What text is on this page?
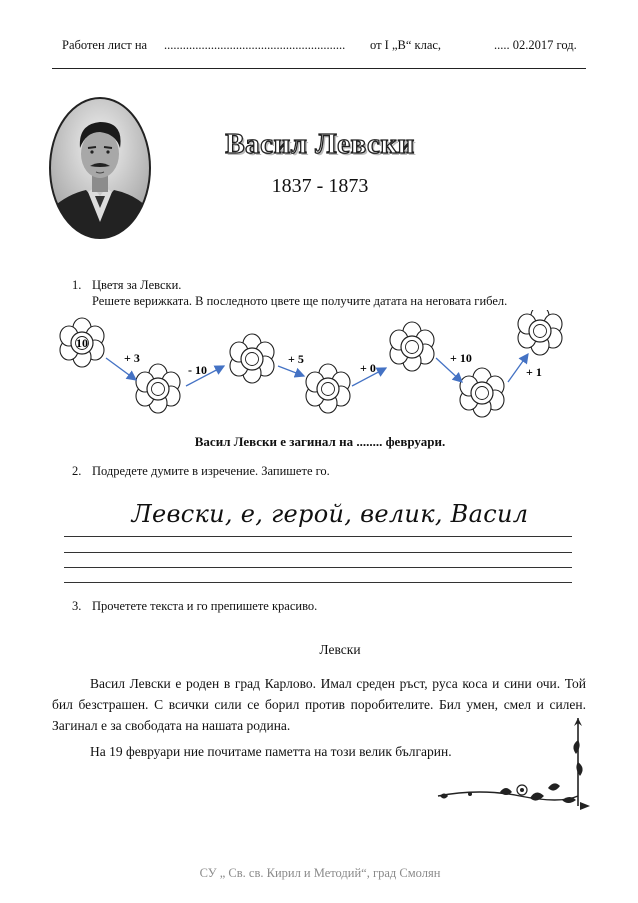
Работен лист на .......................................................... от I „В“ клас,	..... 02.2017 год.
Васил Левски
1837 - 1873
1. Цветя за Левски.
Решете верижката. В последното цвете ще получите датата на неговата гибел.
10
+ 3
- 10
+ 5
+ 0
+ 10
+ 1
Васил Левски е загинал на ........ февруари.
2. Подредете думите в изречение. Запишете го.
Левски, е, герой, велик, Васил
3. Прочетете текста и го препишете красиво.
Левски
Васил Левски е роден в град Карлово. Имал среден ръст, руса коса и сини очи. Той бил безстрашен. С всички сили се борил против поробителите. Бил умен, смел и силен. Загинал е за свободата на нашата родина.
На 19 февруари ние почитаме паметта на този велик българин.
СУ „ Св. св. Кирил и Методий“, град Смолян
